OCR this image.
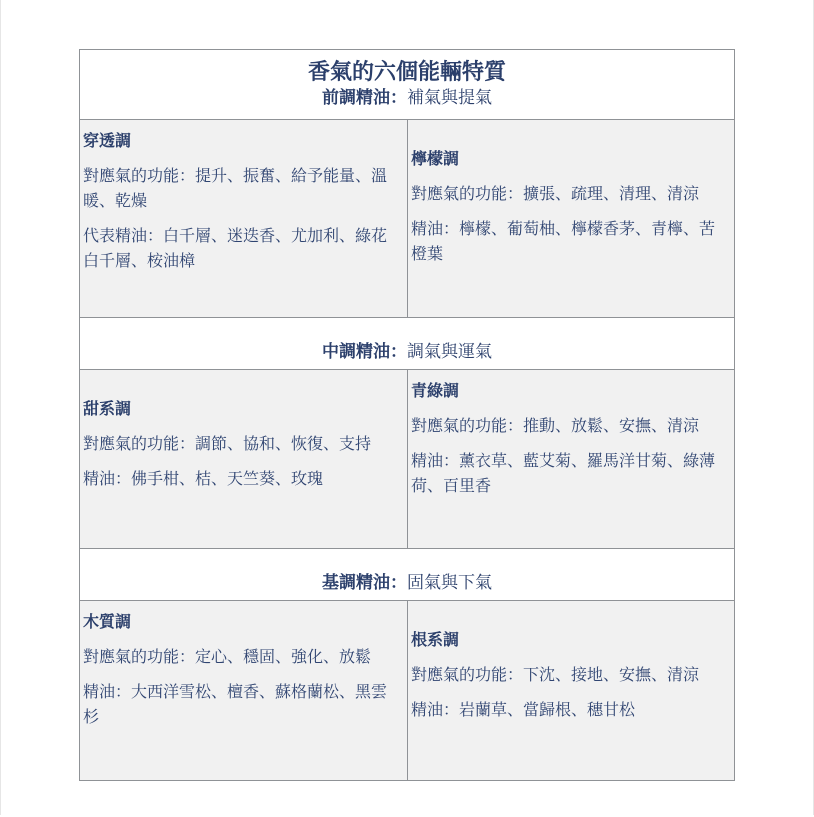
香氣的六個能輛特質
前調精油：補氣與提氣
穿透調

對應氣的功能：提升、振奮、給予能量、溫暖、乾燥

代表精油：白千層、迷迭香、尤加利、綠花白千層、桉油樟

檸檬調

對應氣的功能：擴張、疏理、清理、清涼

精油：檸檬、葡萄柚、檸檬香茅、青檸、苦橙葉

中調精油：調氣與運氣
甜系調

對應氣的功能：調節、協和、恢復、支持

精油：佛手柑、桔、天竺葵、玫瑰

青綠調

對應氣的功能：推動、放鬆、安撫、清涼

精油：薰衣草、藍艾菊、羅馬洋甘菊、綠薄荷、百里香

基調精油：固氣與下氣
木質調

對應氣的功能：定心、穩固、強化、放鬆

精油：大西洋雪松、檀香、蘇格蘭松、黑雲杉

根系調

對應氣的功能：下沈、接地、安撫、清涼

精油：岩蘭草、當歸根、穗甘松
